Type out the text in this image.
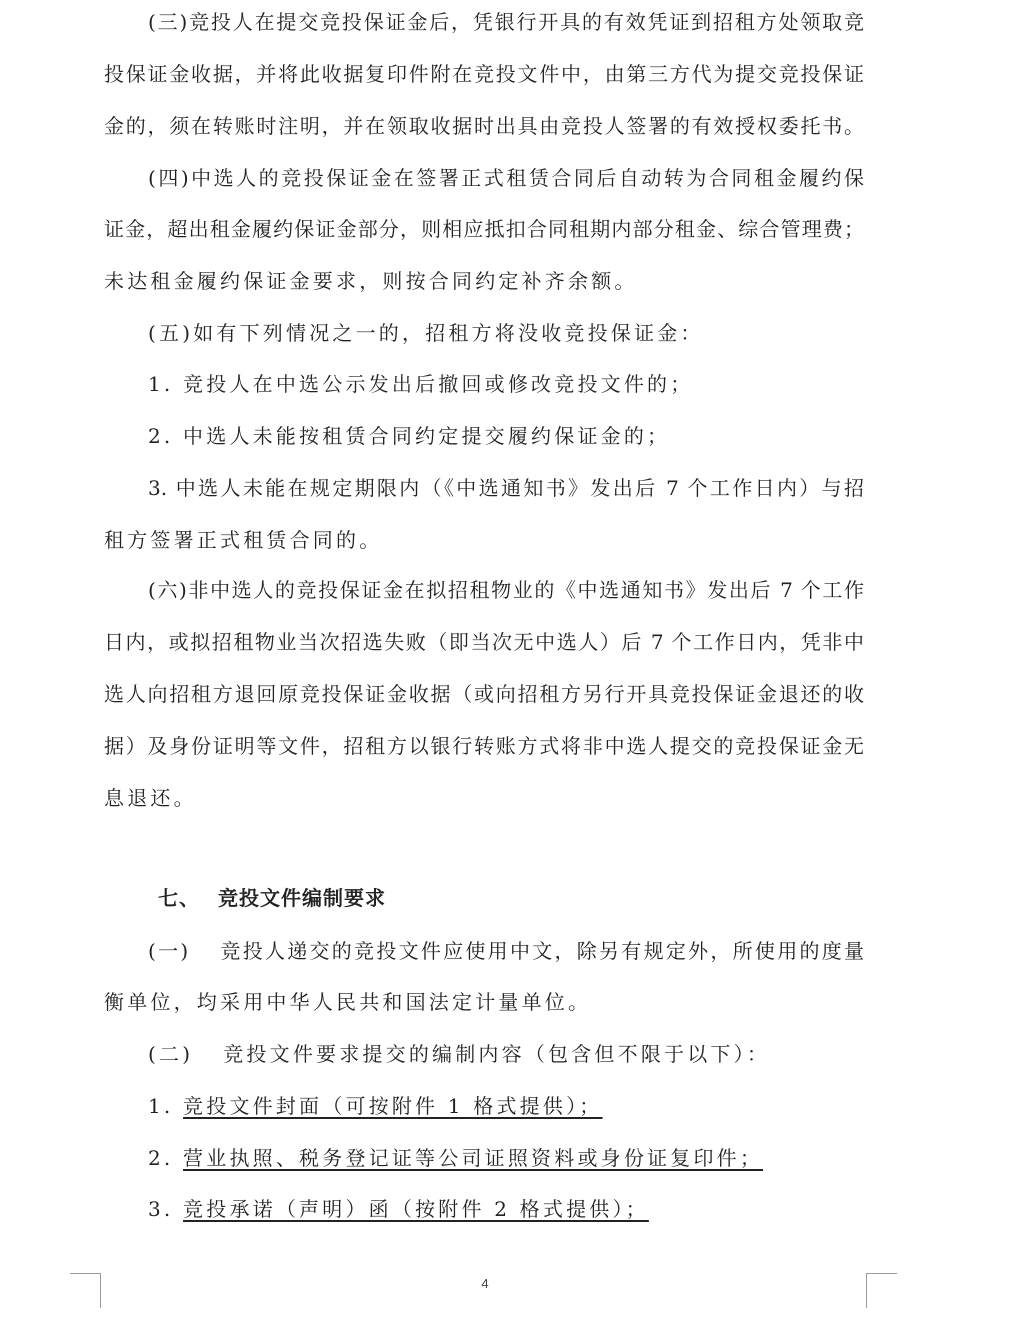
(三)竞投人在提交竞投保证金后，凭银行开具的有效凭证到招租方处领取竞
投保证金收据，并将此收据复印件附在竞投文件中，由第三方代为提交竞投保证
金的，须在转账时注明，并在领取收据时出具由竞投人签署的有效授权委托书。
(四)中选人的竞投保证金在签署正式租赁合同后自动转为合同租金履约保
证金，超出租金履约保证金部分，则相应抵扣合同租期内部分租金、综合管理费；
未达租金履约保证金要求，则按合同约定补齐余额。
(五)如有下列情况之一的，招租方将没收竞投保证金：
1. 竞投人在中选公示发出后撤回或修改竞投文件的；
2. 中选人未能按租赁合同约定提交履约保证金的；
3. 中选人未能在规定期限内（《中选通知书》发出后 7 个工作日内）与招
租方签署正式租赁合同的。
(六)非中选人的竞投保证金在拟招租物业的《中选通知书》发出后 7 个工作
日内，或拟招租物业当次招选失败（即当次无中选人）后 7 个工作日内，凭非中
选人向招租方退回原竞投保证金收据（或向招租方另行开具竞投保证金退还的收
据）及身份证明等文件，招租方以银行转账方式将非中选人提交的竞投保证金无
息退还。
七、 竞投文件编制要求
(一) 竞投人递交的竞投文件应使用中文，除另有规定外，所使用的度量
衡单位，均采用中华人民共和国法定计量单位。
(二) 竞投文件要求提交的编制内容（包含但不限于以下）：
1. 竞投文件封面（可按附件 1 格式提供）；
2. 营业执照、税务登记证等公司证照资料或身份证复印件；
3. 竞投承诺（声明）函（按附件 2 格式提供）；
4
